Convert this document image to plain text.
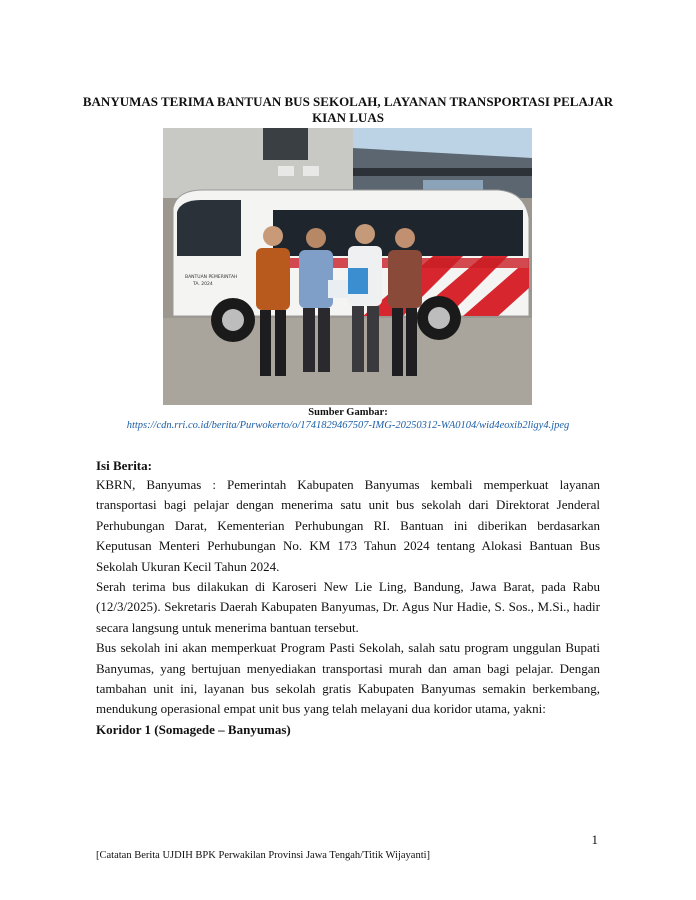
BANYUMAS TERIMA BANTUAN BUS SEKOLAH, LAYANAN TRANSPORTASI PELAJAR KIAN LUAS
BANTUAN PEMERINTAH
TA. 2024
Sumber Gambar:
https://cdn.rri.co.id/berita/Purwokerto/o/1741829467507-IMG-20250312-WA0104/wid4eoxib2ligy4.jpeg
Isi Berita:

KBRN, Banyumas : Pemerintah Kabupaten Banyumas kembali memperkuat layanan transportasi bagi pelajar dengan menerima satu unit bus sekolah dari Direktorat Jenderal Perhubungan Darat, Kementerian Perhubungan RI. Bantuan ini diberikan berdasarkan Keputusan Menteri Perhubungan No. KM 173 Tahun 2024 tentang Alokasi Bantuan Bus Sekolah Ukuran Kecil Tahun 2024.

Serah terima bus dilakukan di Karoseri New Lie Ling, Bandung, Jawa Barat, pada Rabu (12/3/2025). Sekretaris Daerah Kabupaten Banyumas, Dr. Agus Nur Hadie, S. Sos., M.Si., hadir secara langsung untuk menerima bantuan tersebut.

Bus sekolah ini akan memperkuat Program Pasti Sekolah, salah satu program unggulan Bupati Banyumas, yang bertujuan menyediakan transportasi murah dan aman bagi pelajar. Dengan tambahan unit ini, layanan bus sekolah gratis Kabupaten Banyumas semakin berkembang, mendukung operasional empat unit bus yang telah melayani dua koridor utama, yakni:

Koridor 1 (Somagede – Banyumas)

1
[Catatan Berita UJDIH BPK Perwakilan Provinsi Jawa Tengah/Titik Wijayanti]
